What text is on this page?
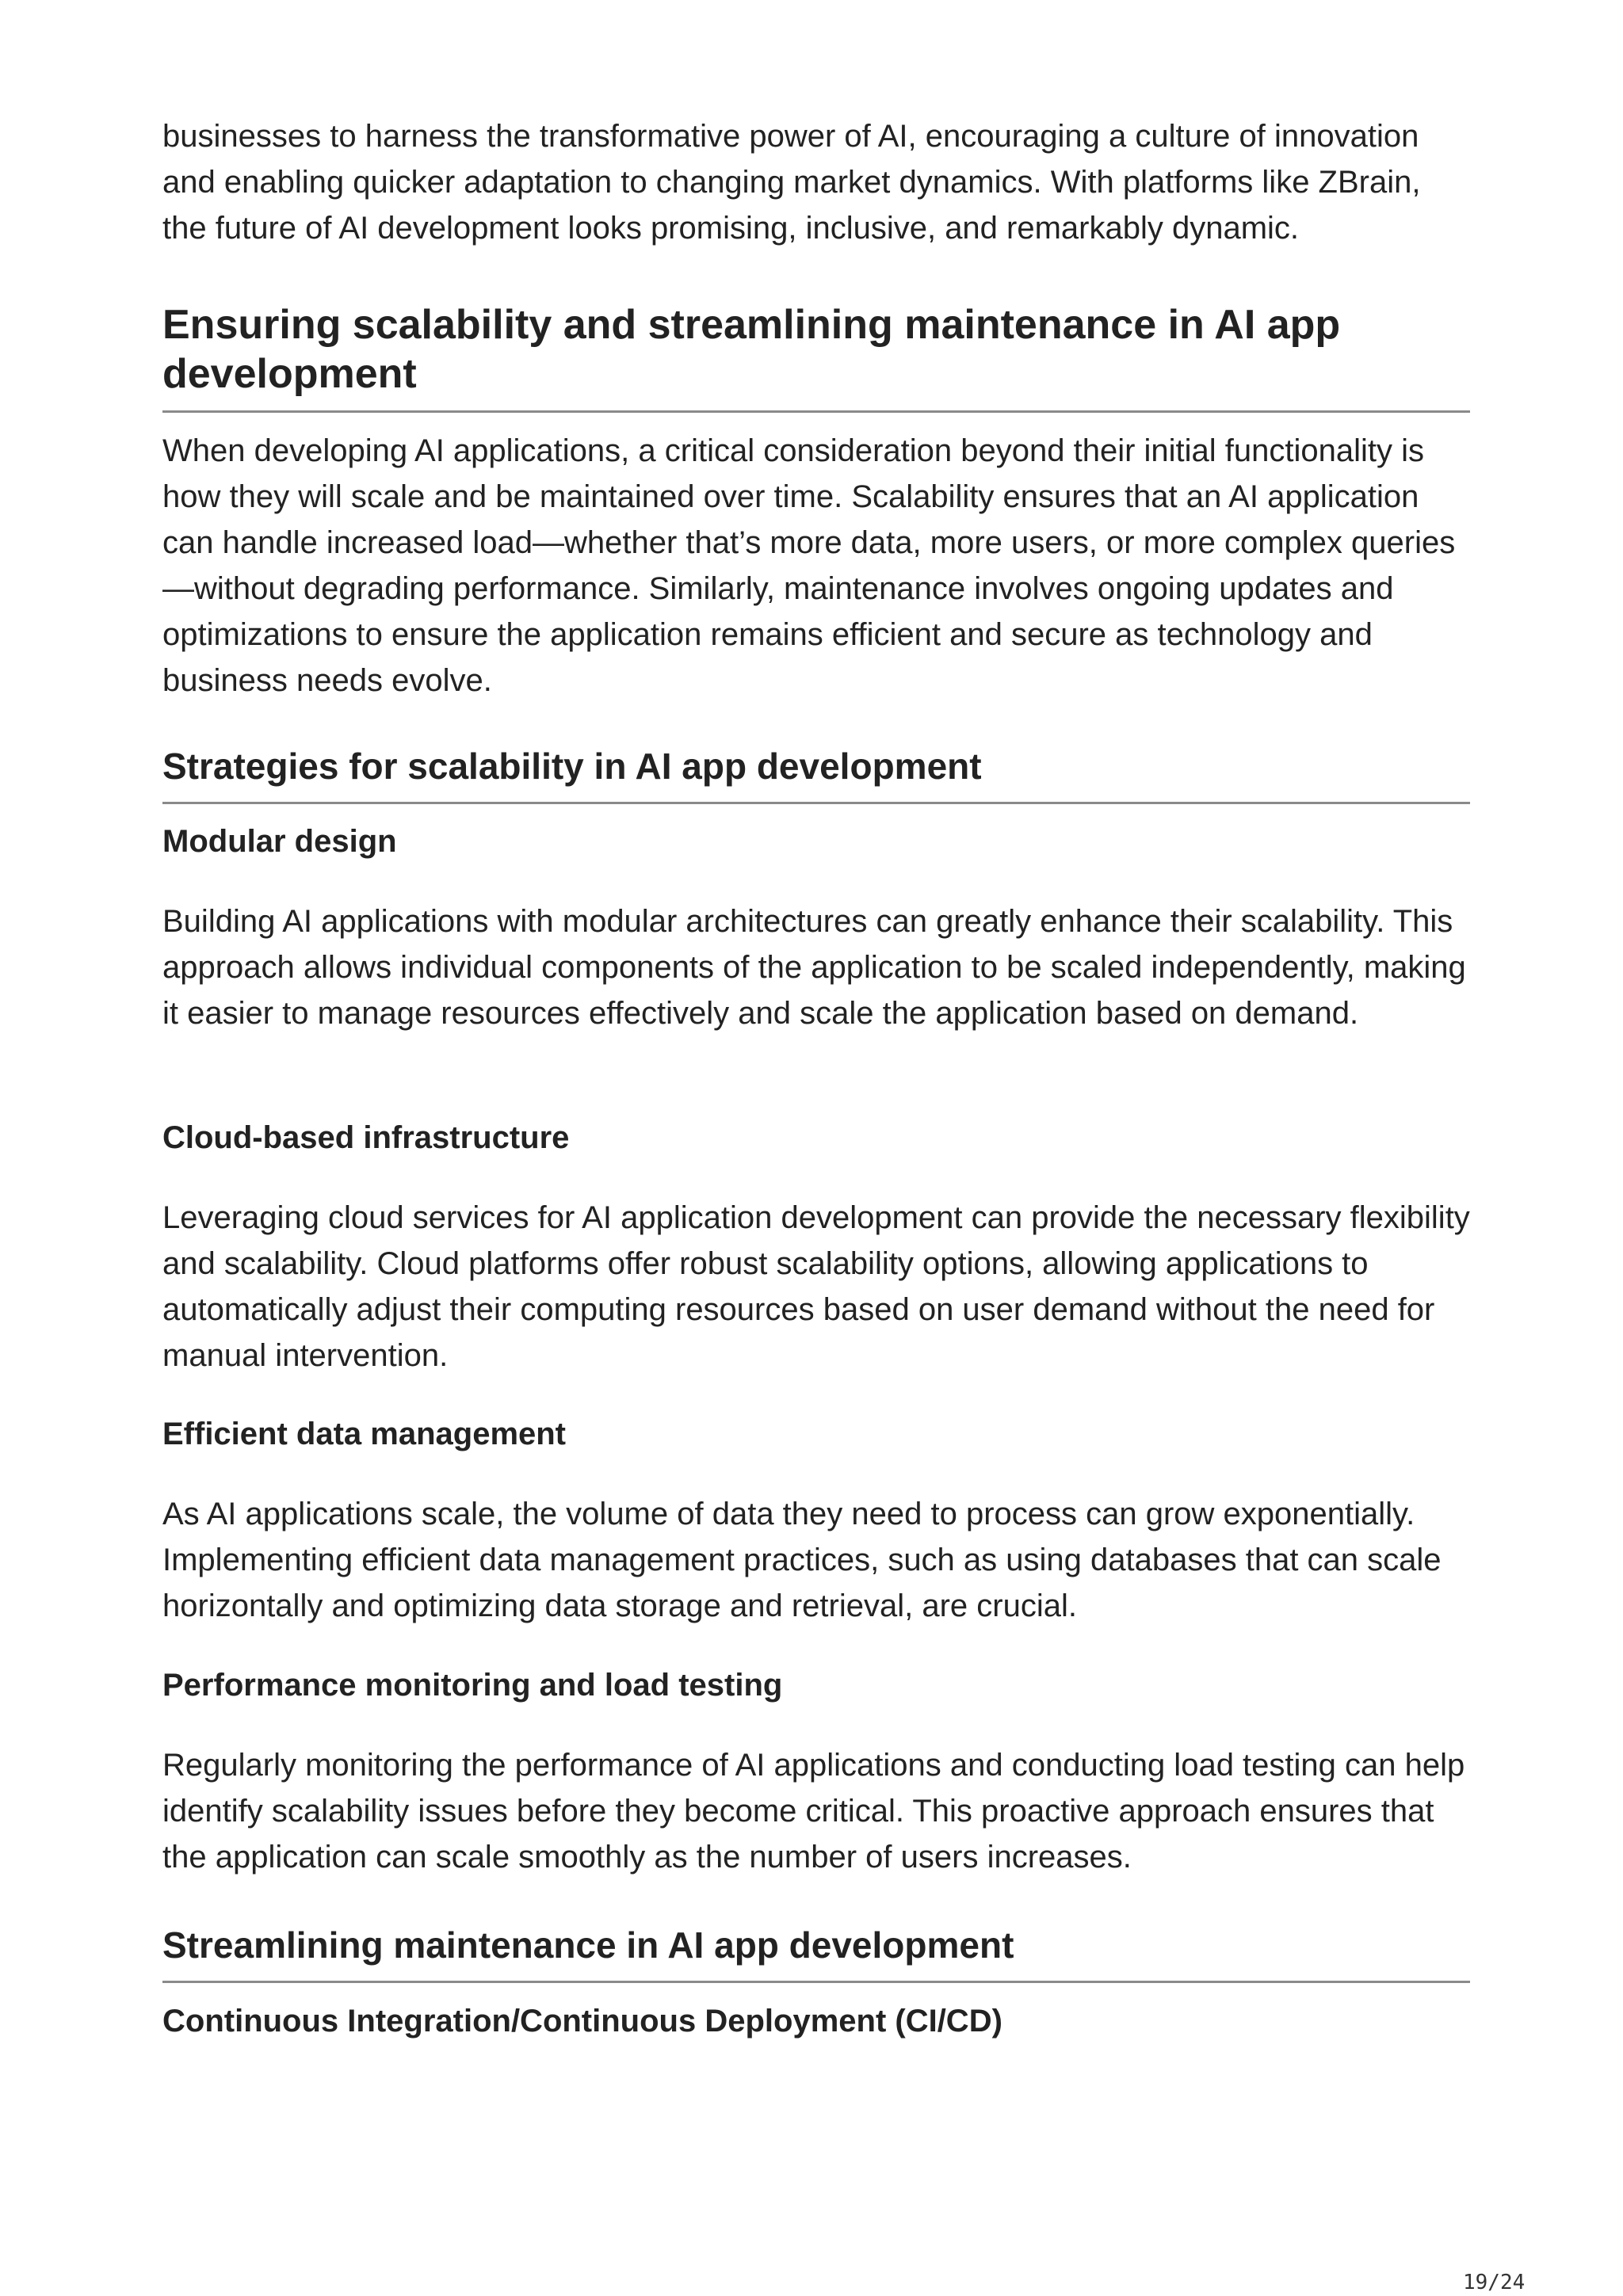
businesses to harness the transformative power of AI, encouraging a culture of innovation and enabling quicker adaptation to changing market dynamics. With platforms like ZBrain, the future of AI development looks promising, inclusive, and remarkably dynamic.

Ensuring scalability and streamlining maintenance in AI app development

When developing AI applications, a critical consideration beyond their initial functionality is how they will scale and be maintained over time. Scalability ensures that an AI application can handle increased load—whether that’s more data, more users, or more complex queries—without degrading performance. Similarly, maintenance involves ongoing updates and optimizations to ensure the application remains efficient and secure as technology and business needs evolve.

Strategies for scalability in AI app development
Modular design

Building AI applications with modular architectures can greatly enhance their scalability. This approach allows individual components of the application to be scaled independently, making it easier to manage resources effectively and scale the application based on demand.

Cloud-based infrastructure

Leveraging cloud services for AI application development can provide the necessary flexibility and scalability. Cloud platforms offer robust scalability options, allowing applications to automatically adjust their computing resources based on user demand without the need for manual intervention.

Efficient data management

As AI applications scale, the volume of data they need to process can grow exponentially. Implementing efficient data management practices, such as using databases that can scale horizontally and optimizing data storage and retrieval, are crucial.

Performance monitoring and load testing

Regularly monitoring the performance of AI applications and conducting load testing can help identify scalability issues before they become critical. This proactive approach ensures that the application can scale smoothly as the number of users increases.

Streamlining maintenance in AI app development
Continuous Integration/Continuous Deployment (CI/CD)
19/24
